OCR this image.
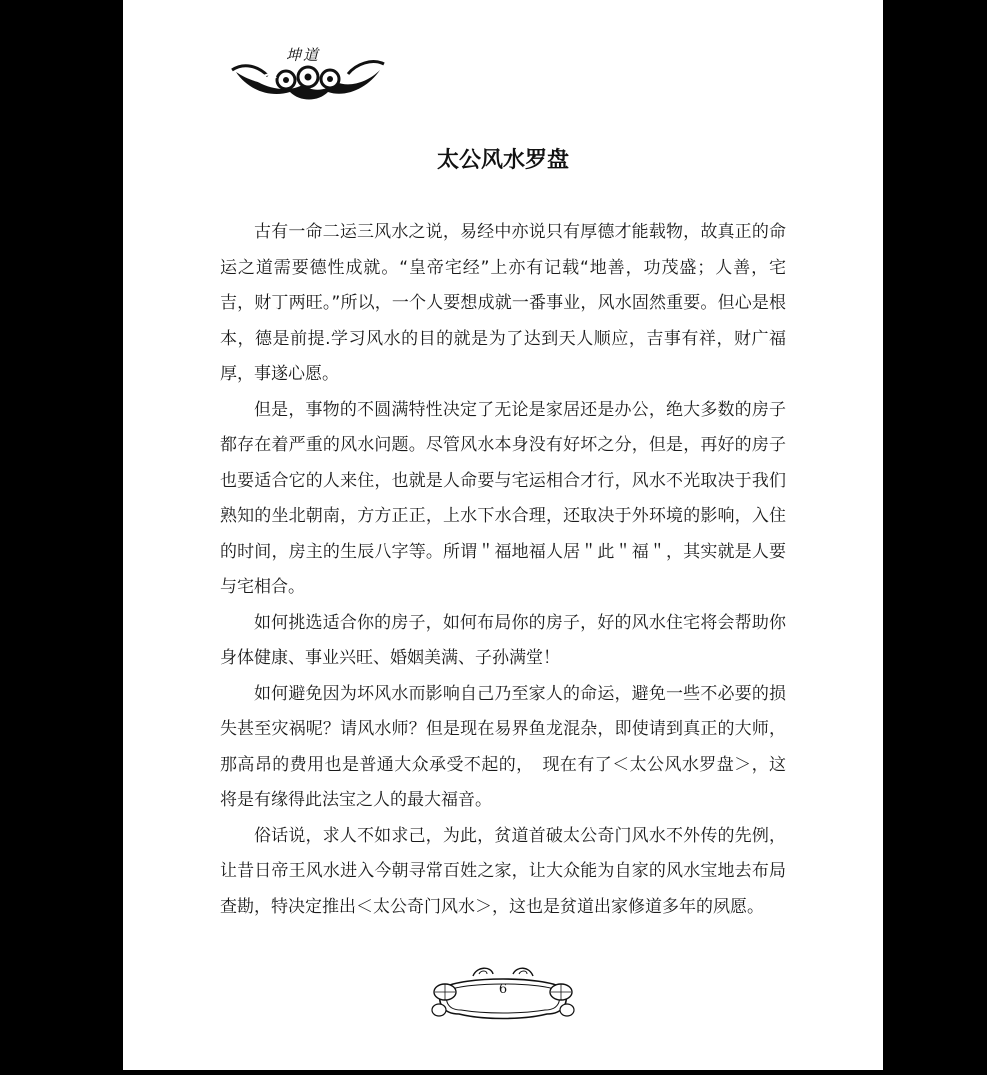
坤道
太公风水罗盘

古有一命二运三风水之说，易经中亦说只有厚德才能载物，故真正的命运之道需要德性成就。“皇帝宅经”上亦有记载“地善，功茂盛；人善，宅吉，财丁两旺。”所以，一个人要想成就一番事业，风水固然重要。但心是根本，德是前提.学习风水的目的就是为了达到天人顺应，吉事有祥，财广福厚，事遂心愿。

但是，事物的不圆满特性决定了无论是家居还是办公，绝大多数的房子都存在着严重的风水问题。尽管风水本身没有好坏之分，但是，再好的房子也要适合它的人来住，也就是人命要与宅运相合才行，风水不光取决于我们熟知的坐北朝南，方方正正，上水下水合理，还取决于外环境的影响，入住的时间，房主的生辰八字等。所谓＂福地福人居＂此＂福＂，其实就是人要与宅相合。

如何挑选适合你的房子，如何布局你的房子，好的风水住宅将会帮助你身体健康、事业兴旺、婚姻美满、子孙满堂！

如何避免因为坏风水而影响自己乃至家人的命运，避免一些不必要的损失甚至灾祸呢？请风水师？但是现在易界鱼龙混杂，即使请到真正的大师，那高昂的费用也是普通大众承受不起的，　现在有了＜太公风水罗盘＞，这将是有缘得此法宝之人的最大福音。

俗话说，求人不如求己，为此，贫道首破太公奇门风水不外传的先例，让昔日帝王风水进入今朝寻常百姓之家，让大众能为自家的风水宝地去布局查勘，特决定推出＜太公奇门风水＞，这也是贫道出家修道多年的夙愿。

6
